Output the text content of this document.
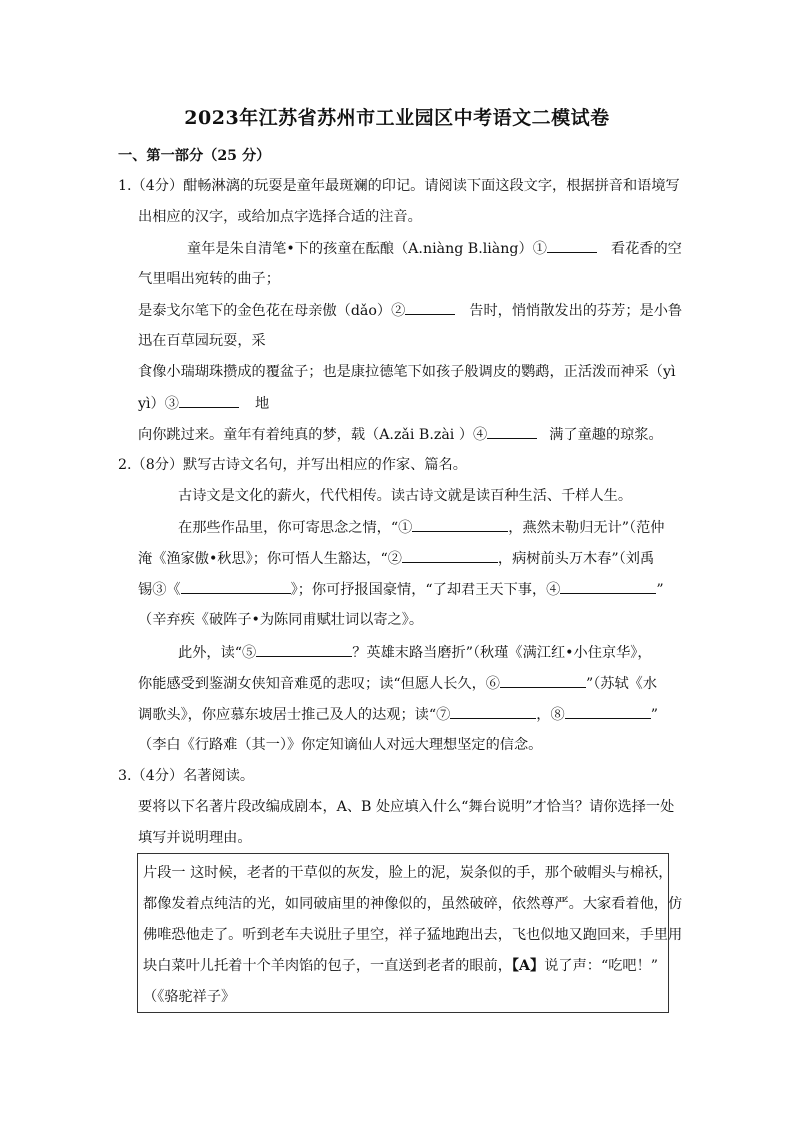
2023年江苏省苏州市工业园区中考语文二模试卷
一、第一部分（25 分）
1.（4分）酣畅淋漓的玩耍是童年最斑斓的印记。请阅读下面这段文字，根据拼音和语境写
出相应的汉字，或给加点字选择合适的注音。
童年是朱自清笔•下的孩童在酝酿（A.niàng B.liàng）①	看花香的空
气里唱出宛转的曲子；
是泰戈尔笔下的金色花在母亲傲（dǎo）②	告时，悄悄散发出的芬芳；是小鲁
迅在百草园玩耍，采
食像小瑞瑚珠攒成的覆盆子；也是康拉德笔下如孩子般调皮的鹦鹉，正活泼而神采（yì
yì）③	地
向你跳过来。童年有着纯真的梦，载（A.zǎi B.zài ）④	满了童趣的琼浆。
2.（8分）默写古诗文名句，并写出相应的作家、篇名。
古诗文是文化的薪火，代代相传。读古诗文就是读百种生活、千样人生。
在那些作品里，你可寄思念之情，“①	，燕然未勒归无计”（范仲
淹《渔家傲•秋思》；你可悟人生豁达，“②	，病树前头万木春”（刘禹
锡③《	》；你可抒报国豪情，“了却君王天下事，④	”
（辛弃疾《破阵子•为陈同甫赋壮词以寄之》。
此外，读“⑤	？英雄末路当磨折”（秋瑾《满江红•小住京华》，
你能感受到鉴湖女侠知音难觅的悲叹；读“但愿人长久，⑥	”（苏轼《水
调歌头》，你应慕东坡居士推己及人的达观；读“⑦	，⑧	”
（李白《行路难（其一）》你定知谪仙人对远大理想坚定的信念。
3.（4分）名著阅读。
要将以下名著片段改编成剧本，A、B 处应填入什么“舞台说明”才恰当？请你选择一处
填写并说明理由。
片段一 这时候，老者的干草似的灰发，脸上的泥，炭条似的手，那个破帽头与棉袄，
都像发着点纯洁的光，如同破庙里的神像似的，虽然破碎，依然尊严。大家看着他，仿
佛唯恐他走了。听到老车夫说肚子里空，祥子猛地跑出去，飞也似地又跑回来，手里用
块白菜叶儿托着十个羊肉馅的包子，一直送到老者的眼前，【A】说了声：“吃吧！”
（《骆驼祥子》
